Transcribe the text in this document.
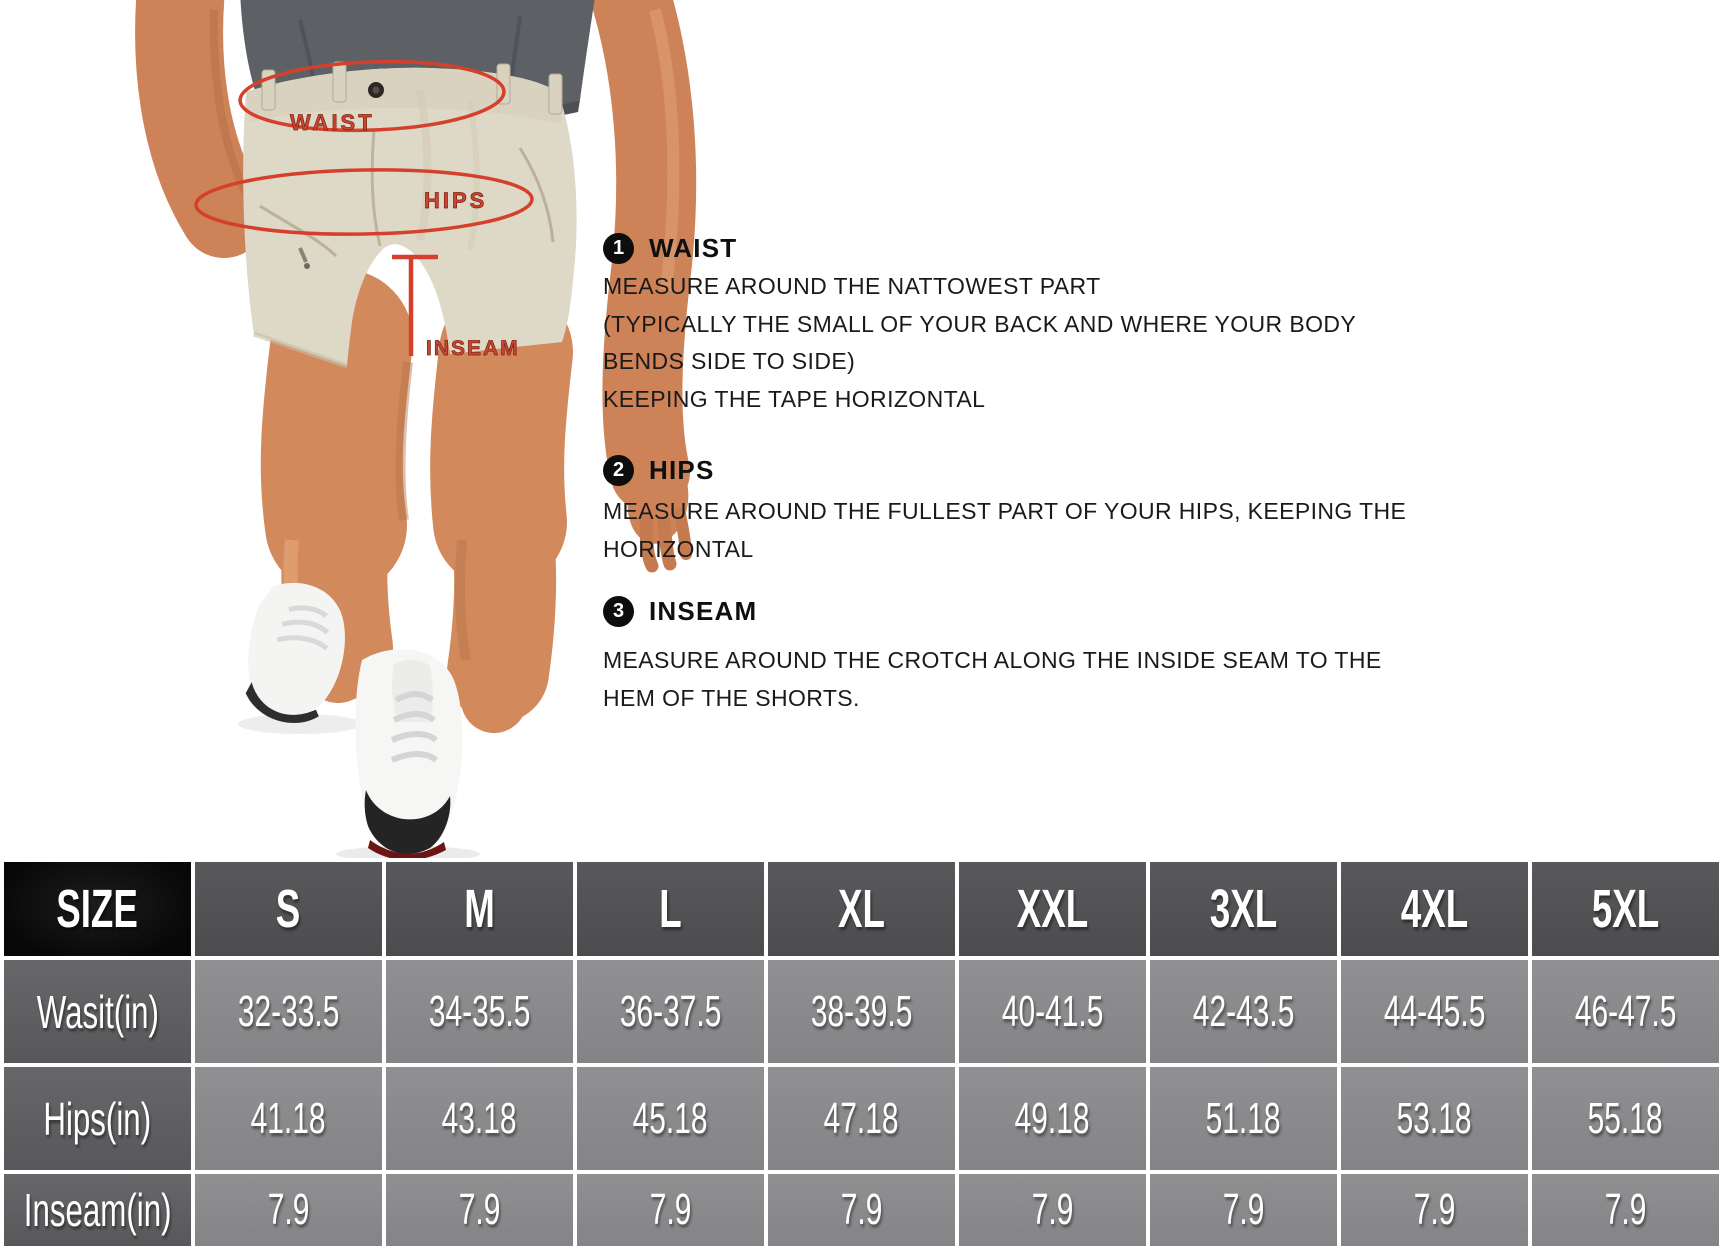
WAIST
HIPS
INSEAM
1 WAIST
MEASURE AROUND THE NATTOWEST PART
(TYPICALLY THE SMALL OF YOUR BACK AND WHERE YOUR BODY
BENDS SIDE TO SIDE)
KEEPING THE TAPE HORIZONTAL
2 HIPS
MEASURE AROUND THE FULLEST PART OF YOUR HIPS, KEEPING THE
HORIZONTAL
3 INSEAM
MEASURE AROUND THE CROTCH ALONG THE INSIDE SEAM TO THE
HEM OF THE SHORTS.
SIZE	S	M	L	XL XXL 3XL 4XL 5XL
Wasit(in) 32-33.5 34-35.5 36-37.5 38-39.5 40-41.5 42-43.5 44-45.5 46-47.5
Hips(in) 41.18	43.18	45.18	47.18	49.18	51.18	53.18	55.18
Inseam(in) 7.9	7.9	7.9	7.9	7.9	7.9	7.9	7.9
